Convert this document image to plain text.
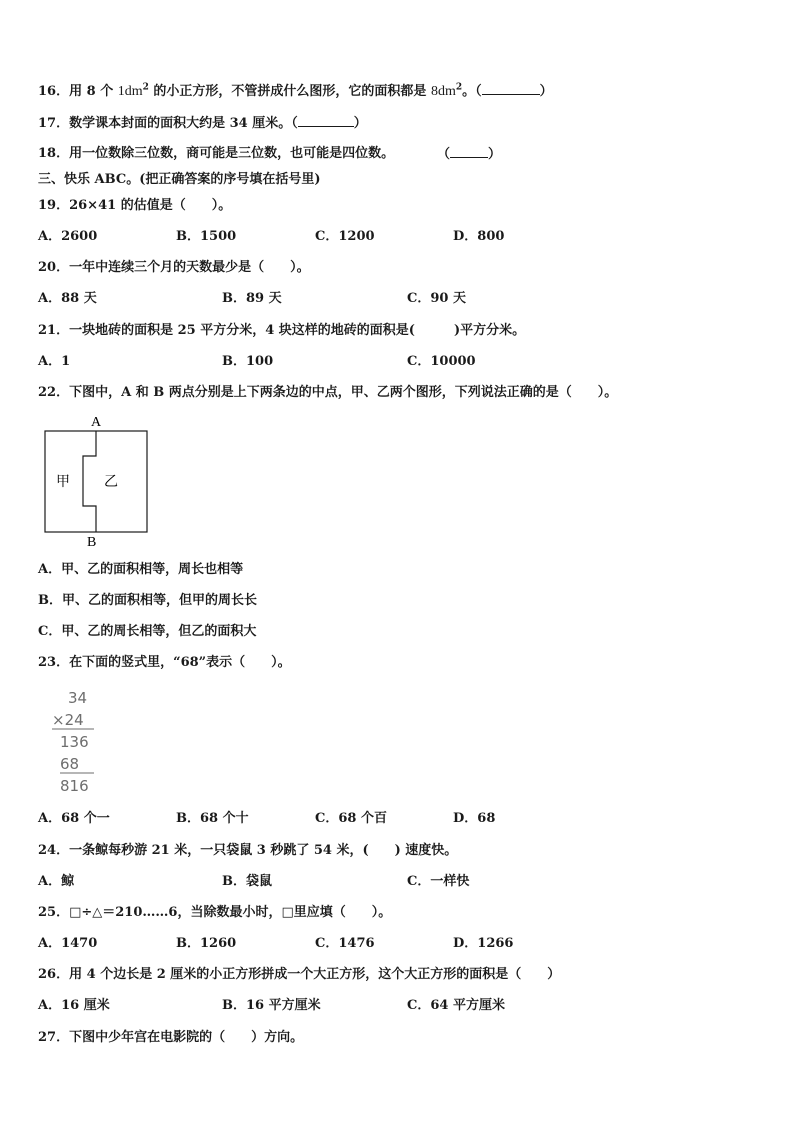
16．用 8 个 $1dm^2$ 的小正方形，不管拼成什么图形，它的面积都是 $8dm^2$。（	）
17．数学课本封面的面积大约是 34 厘米。（	）
18．用一位数除三位数，商可能是三位数，也可能是四位数。	（	）
三、快乐 ABC。(把正确答案的序号填在括号里)
19．26×41 的估值是（　　）。
A．2600	B．1500	C．1200	D．800
20．一年中连续三个月的天数最少是（　　）。
A．88 天	B．89 天	C．90 天
21．一块地砖的面积是 25 平方分米，4 块这样的地砖的面积是(　　　)平方分米。
A．1	B．100	C．10000
22．下图中，A 和 B 两点分别是上下两条边的中点，甲、乙两个图形，下列说法正确的是（　　）。
A
B
甲 乙
A．甲、乙的面积相等，周长也相等
B．甲、乙的面积相等，但甲的周长长
C．甲、乙的周长相等，但乙的面积大
23．在下面的竖式里，“68”表示（　　）。
34
×24
136
68
816
A．68 个一	B．68 个十	C．68 个百	D．68
24．一条鲸每秒游 21 米，一只袋鼠 3 秒跳了 54 米，(　　) 速度快。
A．鲸	B．袋鼠	C．一样快
25．□÷△＝210……6，当除数最小时，□里应填（　　）。
A．1470	B．1260	C．1476	D．1266
26．用 4 个边长是 2 厘米的小正方形拼成一个大正方形，这个大正方形的面积是（　　）
A．16 厘米	B．16 平方厘米	C．64 平方厘米
27．下图中少年宫在电影院的（　　）方向。
